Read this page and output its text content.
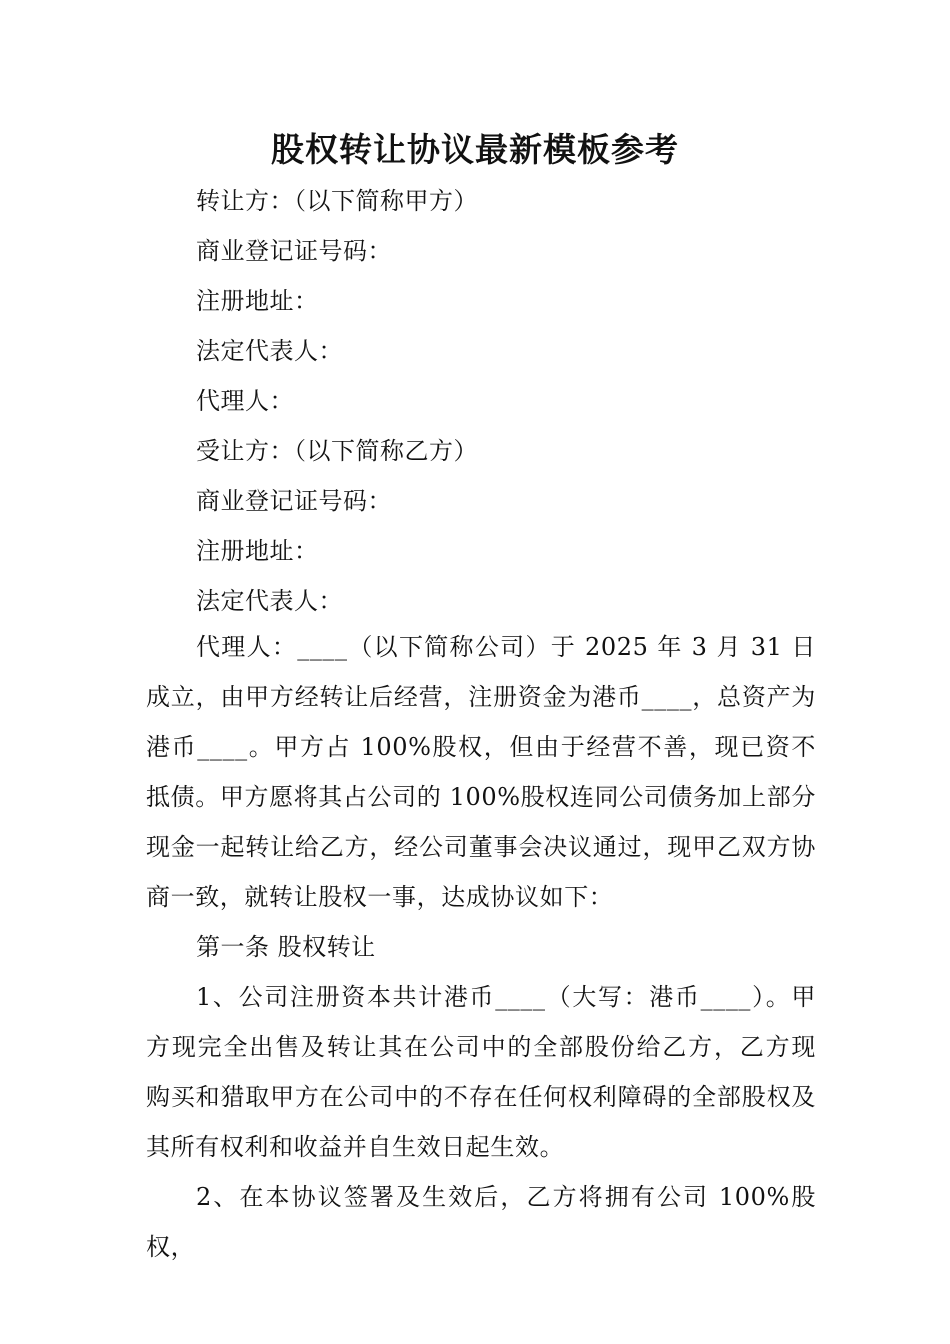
股权转让协议最新模板参考
转让方：（以下简称甲方）
商业登记证号码：
注册地址：
法定代表人：
代理人：
受让方：（以下简称乙方）
商业登记证号码：
注册地址：
法定代表人：
代理人：____（以下简称公司）于 2025 年 3 月 31 日成立，由甲方经转让后经营，注册资金为港币____，总资产为港币____。甲方占 100%股权，但由于经营不善，现已资不抵债。甲方愿将其占公司的 100%股权连同公司债务加上部分现金一起转让给乙方，经公司董事会决议通过，现甲乙双方协商一致，就转让股权一事，达成协议如下：
第一条 股权转让
1、公司注册资本共计港币____（大写：港币____）。甲方现完全出售及转让其在公司中的全部股份给乙方，乙方现 购买和猎取甲方在公司中的不存在任何权利障碍的全部股权及其所有权利和收益并自生效日起生效。
2、在本协议签署及生效后，乙方将拥有公司 100%股权，
